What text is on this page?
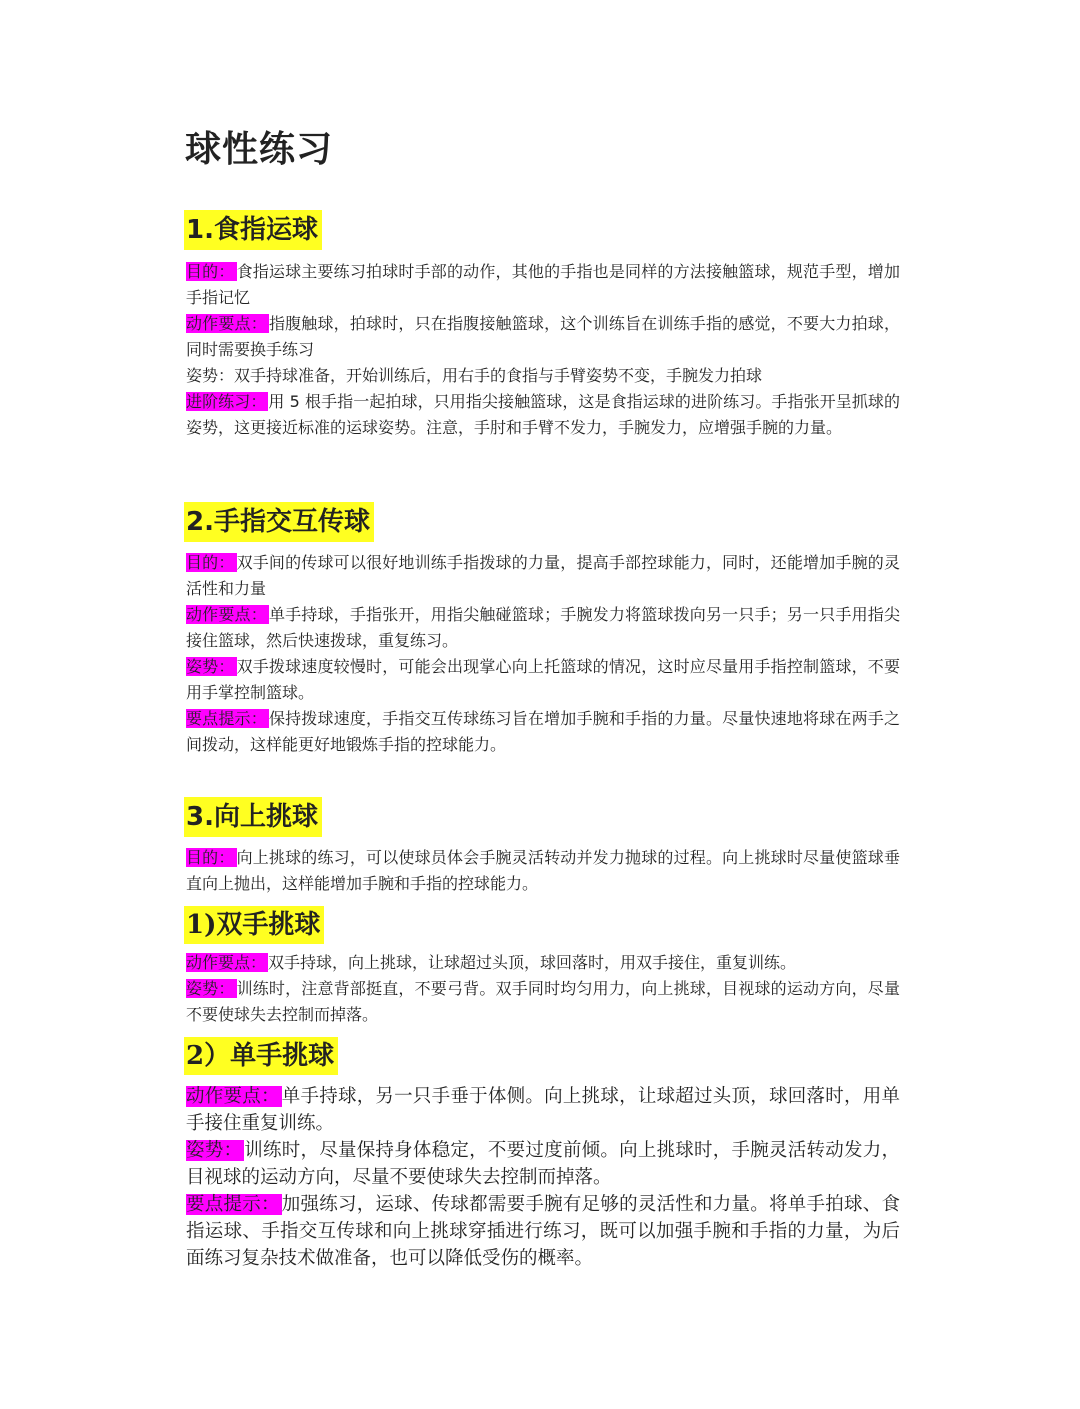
球性练习
1.食指运球

目的： 食指运球主要练习拍球时手部的动作，其他的手指也是同样的方法接触篮球，规范手型，增加手指记忆

动作要点： 指腹触球，拍球时，只在指腹接触篮球，这个训练旨在训练手指的感觉，不要大力拍球，同时需要换手练习

姿势：双手持球准备，开始训练后，用右手的食指与手臂姿势不变，手腕发力拍球

进阶练习： 用 5 根手指一起拍球，只用指尖接触篮球，这是食指运球的进阶练习。手指张开呈抓球的姿势，这更接近标准的运球姿势。注意，手肘和手臂不发力，手腕发力，应增强手腕的力量。

2.手指交互传球

目的： 双手间的传球可以很好地训练手指拨球的力量，提高手部控球能力，同时，还能增加手腕的灵活性和力量

动作要点： 单手持球，手指张开，用指尖触碰篮球；手腕发力将篮球拨向另一只手；另一只手用指尖接住篮球，然后快速拨球，重复练习。

姿势： 双手拨球速度较慢时，可能会出现掌心向上托篮球的情况，这时应尽量用手指控制篮球，不要用手掌控制篮球。

要点提示： 保持拨球速度，手指交互传球练习旨在增加手腕和手指的力量。尽量快速地将球在两手之间拨动，这样能更好地锻炼手指的控球能力。

3.向上挑球

目的： 向上挑球的练习，可以使球员体会手腕灵活转动并发力抛球的过程。向上挑球时尽量使篮球垂直向上抛出，这样能增加手腕和手指的控球能力。

1)双手挑球

动作要点： 双手持球，向上挑球，让球超过头顶，球回落时，用双手接住，重复训练。

姿势： 训练时，注意背部挺直，不要弓背。双手同时均匀用力，向上挑球，目视球的运动方向，尽量不要使球失去控制而掉落。

2）单手挑球

动作要点： 单手持球，另一只手垂于体侧。向上挑球，让球超过头顶，球回落时，用单手接住重复训练。

姿势： 训练时，尽量保持身体稳定，不要过度前倾。向上挑球时，手腕灵活转动发力，目视球的运动方向，尽量不要使球失去控制而掉落。

要点提示： 加强练习，运球、传球都需要手腕有足够的灵活性和力量。将单手拍球、食指运球、手指交互传球和向上挑球穿插进行练习，既可以加强手腕和手指的力量，为后面练习复杂技术做准备，也可以降低受伤的概率。
